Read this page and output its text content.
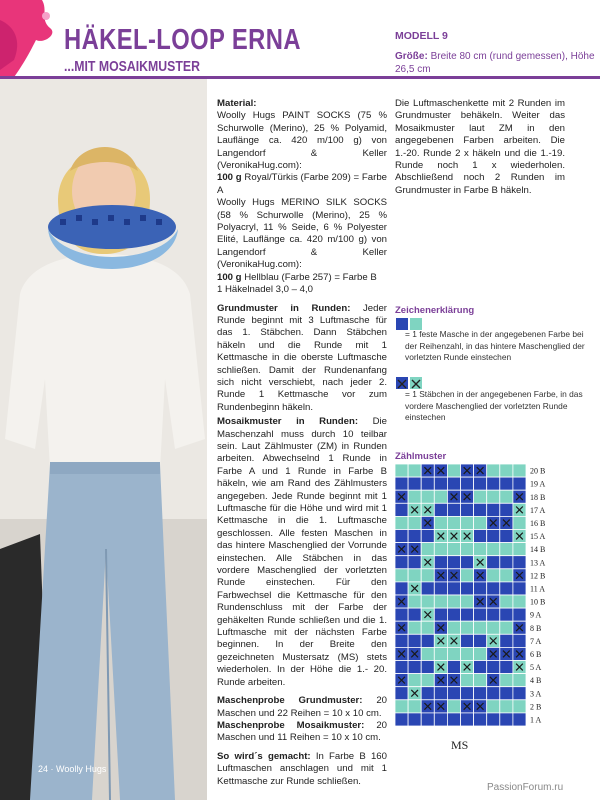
HÄKEL-LOOP ERNA
...MIT MOSAIKMUSTER
MODELL 9
Größe: Breite 80 cm (rund gemessen), Höhe 26,5 cm
24 · Woolly Hugs

Material:
Woolly Hugs PAINT SOCKS (75 % Schurwolle (Merino), 25 % Polyamid, Lauflänge ca. 420 m/100 g) von Langendorf & Keller (VeronikaHug.com):
100 g Royal/Türkis (Farbe 209) = Farbe A
Woolly Hugs MERINO SILK SOCKS (58 % Schurwolle (Merino), 25 % Polyacryl, 11 % Seide, 6 % Polyester Elité, Lauflänge ca. 420 m/100 g) von Langendorf & Keller (VeronikaHug.com):
100 g Hellblau (Farbe 257) = Farbe B
1 Häkelnadel 3,0 – 4,0

Grundmuster in Runden: Jeder Runde beginnt mit 3 Luftmasche für das 1. Stäbchen. Dann Stäbchen häkeln und die Runde mit 1 Kettmasche in die oberste Luftmasche schließen. Damit der Rundenanfang sich nicht verschiebt, nach jeder 2. Runde 1 Kettmasche vor zum Rundenbeginn häkeln.

Mosaikmuster in Runden: Die Maschenzahl muss durch 10 teilbar sein. Laut Zählmuster (ZM) in Runden arbeiten. Abwechselnd 1 Runde in Farbe A und 1 Runde in Farbe B häkeln, wie am Rand des Zählmusters angegeben. Jede Runde beginnt mit 1 Luftmasche für die Höhe und wird mit 1 Kettmasche in die 1. Luftmasche geschlossen. Alle festen Maschen in das hintere Maschenglied der Vorrunde einstechen. Alle Stäbchen in das vordere Maschenglied der vorletzten Runde einstechen. Für den Farbwechsel die Kettmasche für den Rundenschluss mit der Farbe der gehäkelten Runde schließen und die 1. Luftmasche mit der nächsten Farbe beginnen. In der Breite den gezeichneten Mustersatz (MS) stets wiederholen. In der Höhe die 1.- 20. Runde arbeiten.

Maschenprobe Grundmuster: 20 Maschen und 22 Reihen = 10 x 10 cm.
Maschenprobe Mosaikmuster: 20 Maschen und 11 Reihen = 10 x 10 cm.

So wird´s gemacht: In Farbe B 160 Luftmaschen anschlagen und mit 1 Kettmasche zur Runde schließen.

Die Luftmaschenkette mit 2 Runden im Grundmuster behäkeln. Weiter das Mosaikmuster laut ZM in den angegebenen Farben arbeiten. Die 1.-20. Runde 2 x häkeln und die 1.-19. Runde noch 1 x wiederholen. Abschließend noch 2 Runden im Grundmuster in Farbe B häkeln.

Zeichenerklärung
= 1 feste Masche in der angegebenen Farbe bei der Reihenzahl, in das hintere Maschenglied der vorletzten Runde einstechen
= 1 Stäbchen in der angegebenen Farbe, in das vordere Maschenglied der vorletzten Runde einstechen
Zählmuster
20 B
19 A
18 B
17 A
16 B
15 A
14 B
13 A
12 B
11 A
10 B
9 A
8 B
7 A
6 B
5 A
4 B
3 A
2 B
1 A
MS
PassionForum.ru
